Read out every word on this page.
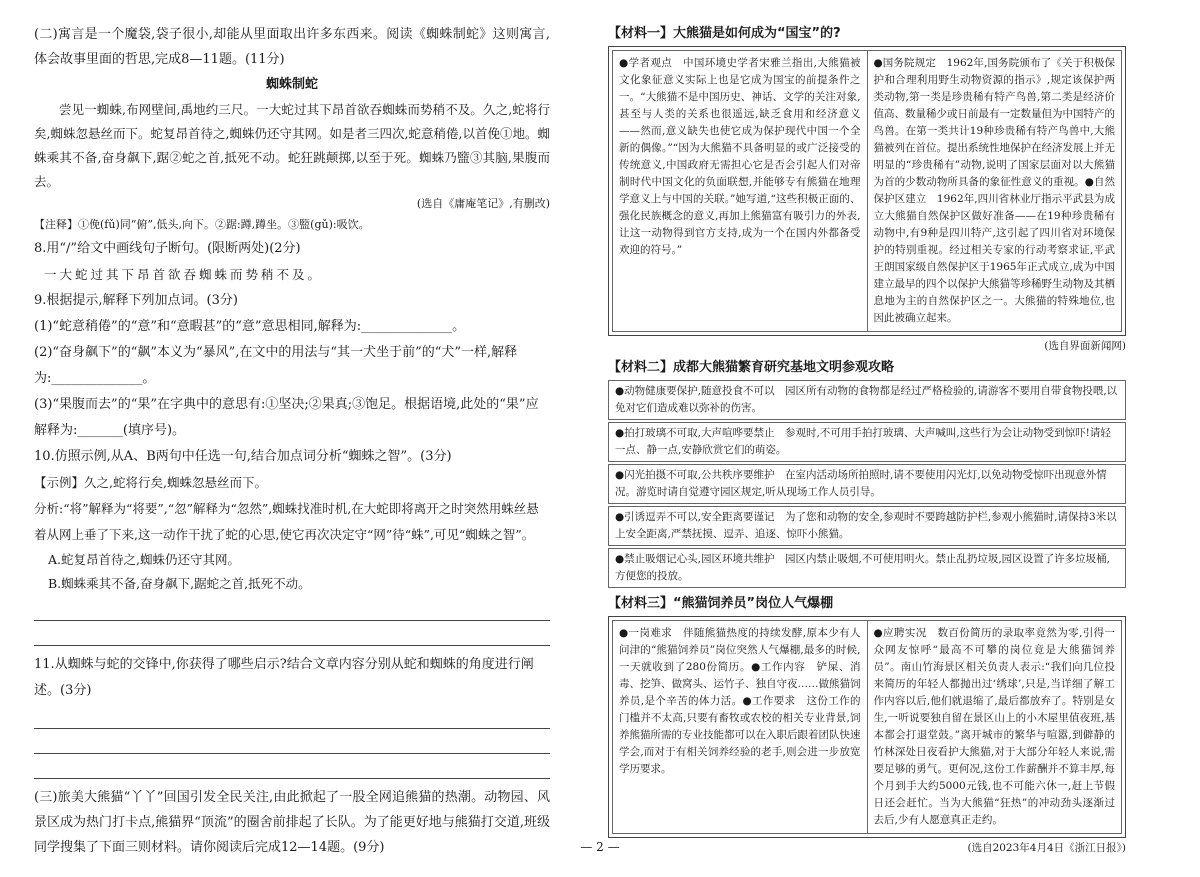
(二)寓言是一个魔袋,袋子很小,却能从里面取出许多东西来。阅读《蜘蛛制蛇》这则寓言,体会故事里面的哲思,完成8—11题。(11分)

蜘蛛制蛇

尝见一蜘蛛,布网壁间,禹地约三尺。一大蛇过其下昂首欲吞蜘蛛而势稍不及。久之,蛇将行矣,蜘蛛忽悬丝而下。蛇复昂首待之,蜘蛛仍还守其网。如是者三四次,蛇意稍倦,以首俛①地。蜘蛛乘其不备,奋身飙下,踞②蛇之首,抵死不动。蛇狂跳颠掷,以至于死。蜘蛛乃盬③其脑,果腹而去。

(选自《庸庵笔记》,有删改)

【注释】①俛(fǔ)同“俯”,低头,向下。②踞:蹲,蹲坐。③盬(gǔ):吸饮。

8.用“/”给文中画线句子断句。(限断两处)(2分)

一大蛇过其下昂首欲吞蜘蛛而势稍不及。

9.根据提示,解释下列加点词。(3分)

(1)“蛇意稍倦”的“意”和“意暇甚”的“意”意思相同,解释为:______________。

(2)“奋身飙下”的“飙”本义为“暴风”,在文中的用法与“其一犬坐于前”的“犬”一样,解释为:______________。

(3)“果腹而去”的“果”在字典中的意思有:①坚决;②果真;③饱足。根据语境,此处的“果”应解释为:_______(填序号)。

10.仿照示例,从A、B两句中任选一句,结合加点词分析“蜘蛛之智”。(3分)

【示例】久之,蛇将行矣,蜘蛛忽悬丝而下。

分析:“将”解释为“将要”,“忽”解释为“忽然”,蜘蛛找准时机,在大蛇即将离开之时突然用蛛丝悬着从网上垂了下来,这一动作干扰了蛇的心思,使它再次决定守“网”待“蛛”,可见“蜘蛛之智”。

A.蛇复昂首待之,蜘蛛仍还守其网。

B.蜘蛛乘其不备,奋身飙下,踞蛇之首,抵死不动。

11.从蜘蛛与蛇的交锋中,你获得了哪些启示?结合文章内容分别从蛇和蜘蛛的角度进行阐述。(3分)

(三)旅美大熊猫“丫丫”回国引发全民关注,由此掀起了一股全网追熊猫的热潮。动物园、风景区成为热门打卡点,熊猫界“顶流”的圈舍前排起了长队。为了能更好地与熊猫打交道,班级同学搜集了下面三则材料。请你阅读后完成12—14题。(9分)

【材料一】大熊猫是如何成为“国宝”的?

●学者观点　中国环境史学者宋雅兰指出,大熊猫被文化象征意义实际上也是它成为国宝的前提条件之一。“大熊猫不是中国历史、神话、文学的关注对象,甚至与人类的关系也很遥远,缺乏食用和经济意义——然而,意义缺失也使它成为保护现代中国一个全新的偶像。”“因为大熊猫不具备明显的或广泛接受的传统意义,中国政府无需担心它是否会引起人们对帝制时代中国文化的负面联想,并能够专有熊猫在地理学意义上与中国的关联。”她写道,“这些积极正面的、强化民族概念的意义,再加上熊猫富有吸引力的外表,让这一动物得到官方支持,成为一个在国内外都备受欢迎的符号。”
●国务院规定　1962年,国务院颁布了《关于积极保护和合理利用野生动物资源的指示》,规定该保护两类动物,第一类是珍贵稀有特产鸟兽,第二类是经济价值高、数量稀少或日前最有一定数量但为中国特产的鸟兽。在第一类共计19种珍贵稀有特产鸟兽中,大熊猫被列在首位。提出系统性地保护在经济发展上并无明显的“珍贵稀有”动物,说明了国家层面对以大熊猫为首的少数动物所具备的象征性意义的重视。●自然保护区建立　1962年,四川省林业厅指示平武县为成立大熊猫自然保护区做好准备——在19种珍贵稀有动物中,有9种是四川特产,这引起了四川省对环境保护的特别重视。经过相关专家的行动考察求证,平武王朗国家级自然保护区于1965年正式成立,成为中国建立最早的四个以保护大熊猫等珍稀野生动物及其栖息地为主的自然保护区之一。大熊猫的特殊地位,也因此被确立起来。

(选自界面新闻网)

【材料二】成都大熊猫繁育研究基地文明参观攻略

●动物健康要保护,随意投食不可以　园区所有动物的食物都是经过严格检验的,请游客不要用自带食物投喂,以免对它们造成难以弥补的伤害。
●拍打玻璃不可取,大声喧哗要禁止　参观时,不可用手拍打玻璃、大声喊叫,这些行为会让动物受到惊吓!请轻一点、静一点,安静欣赏它们的萌姿。
●闪光拍摄不可取,公共秩序要维护　在室内活动场所拍照时,请不要使用闪光灯,以免动物受惊吓出现意外情况。游览时请自觉遵守园区规定,听从现场工作人员引导。
●引诱逗弄不可以,安全距离要谨记　为了您和动物的安全,参观时不要跨越防护栏,参观小熊猫时,请保持3米以上安全距离,严禁抚摸、逗弄、追逐、惊吓小熊猫。
●禁止吸烟记心头,园区环境共维护　园区内禁止吸烟,不可使用明火。禁止乱扔垃圾,园区设置了许多垃圾桶,方便您的投放。

【材料三】“熊猫饲养员”岗位人气爆棚

●一岗难求　伴随熊猫热度的持续发酵,原本少有人问津的“熊猫饲养员”岗位突然人气爆棚,最多的时候,一天就收到了280份简历。●工作内容　铲屎、消毒、挖笋、做窝头、运竹子、独自守夜……做熊猫饲养员,是个辛苦的体力活。●工作要求　这份工作的门槛并不太高,只要有畜牧或农校的相关专业背景,饲养熊猫所需的专业技能都可以在入职后跟着团队快速学会,而对于有相关饲养经验的老手,则会进一步放宽学历要求。
●应聘实况　数百份简历的录取率竟然为零,引得一众网友惊呼“最高不可攀的岗位竟是大熊猫饲养员”。南山竹海景区相关负责人表示:“我们向几位投来简历的年轻人都抛出过‘绣球’,只是,当详细了解工作内容以后,他们就退缩了,最后都放弃了。特别是女生,一听说要独自留在景区山上的小木屋里值夜班,基本都会打退堂鼓。”离开城市的繁华与喧嚣,到僻静的竹林深处日夜看护大熊猫,对于大部分年轻人来说,需要足够的勇气。更何况,这份工作薪酬并不算丰厚,每个月到手大约5000元钱,也不可能六休一,赶上节假日还会赶忙。当为大熊猫“狂热”的冲动劲头逐渐过去后,少有人愿意真正走约。

(选自2023年4月4日《浙江日报》)

— 2 —
